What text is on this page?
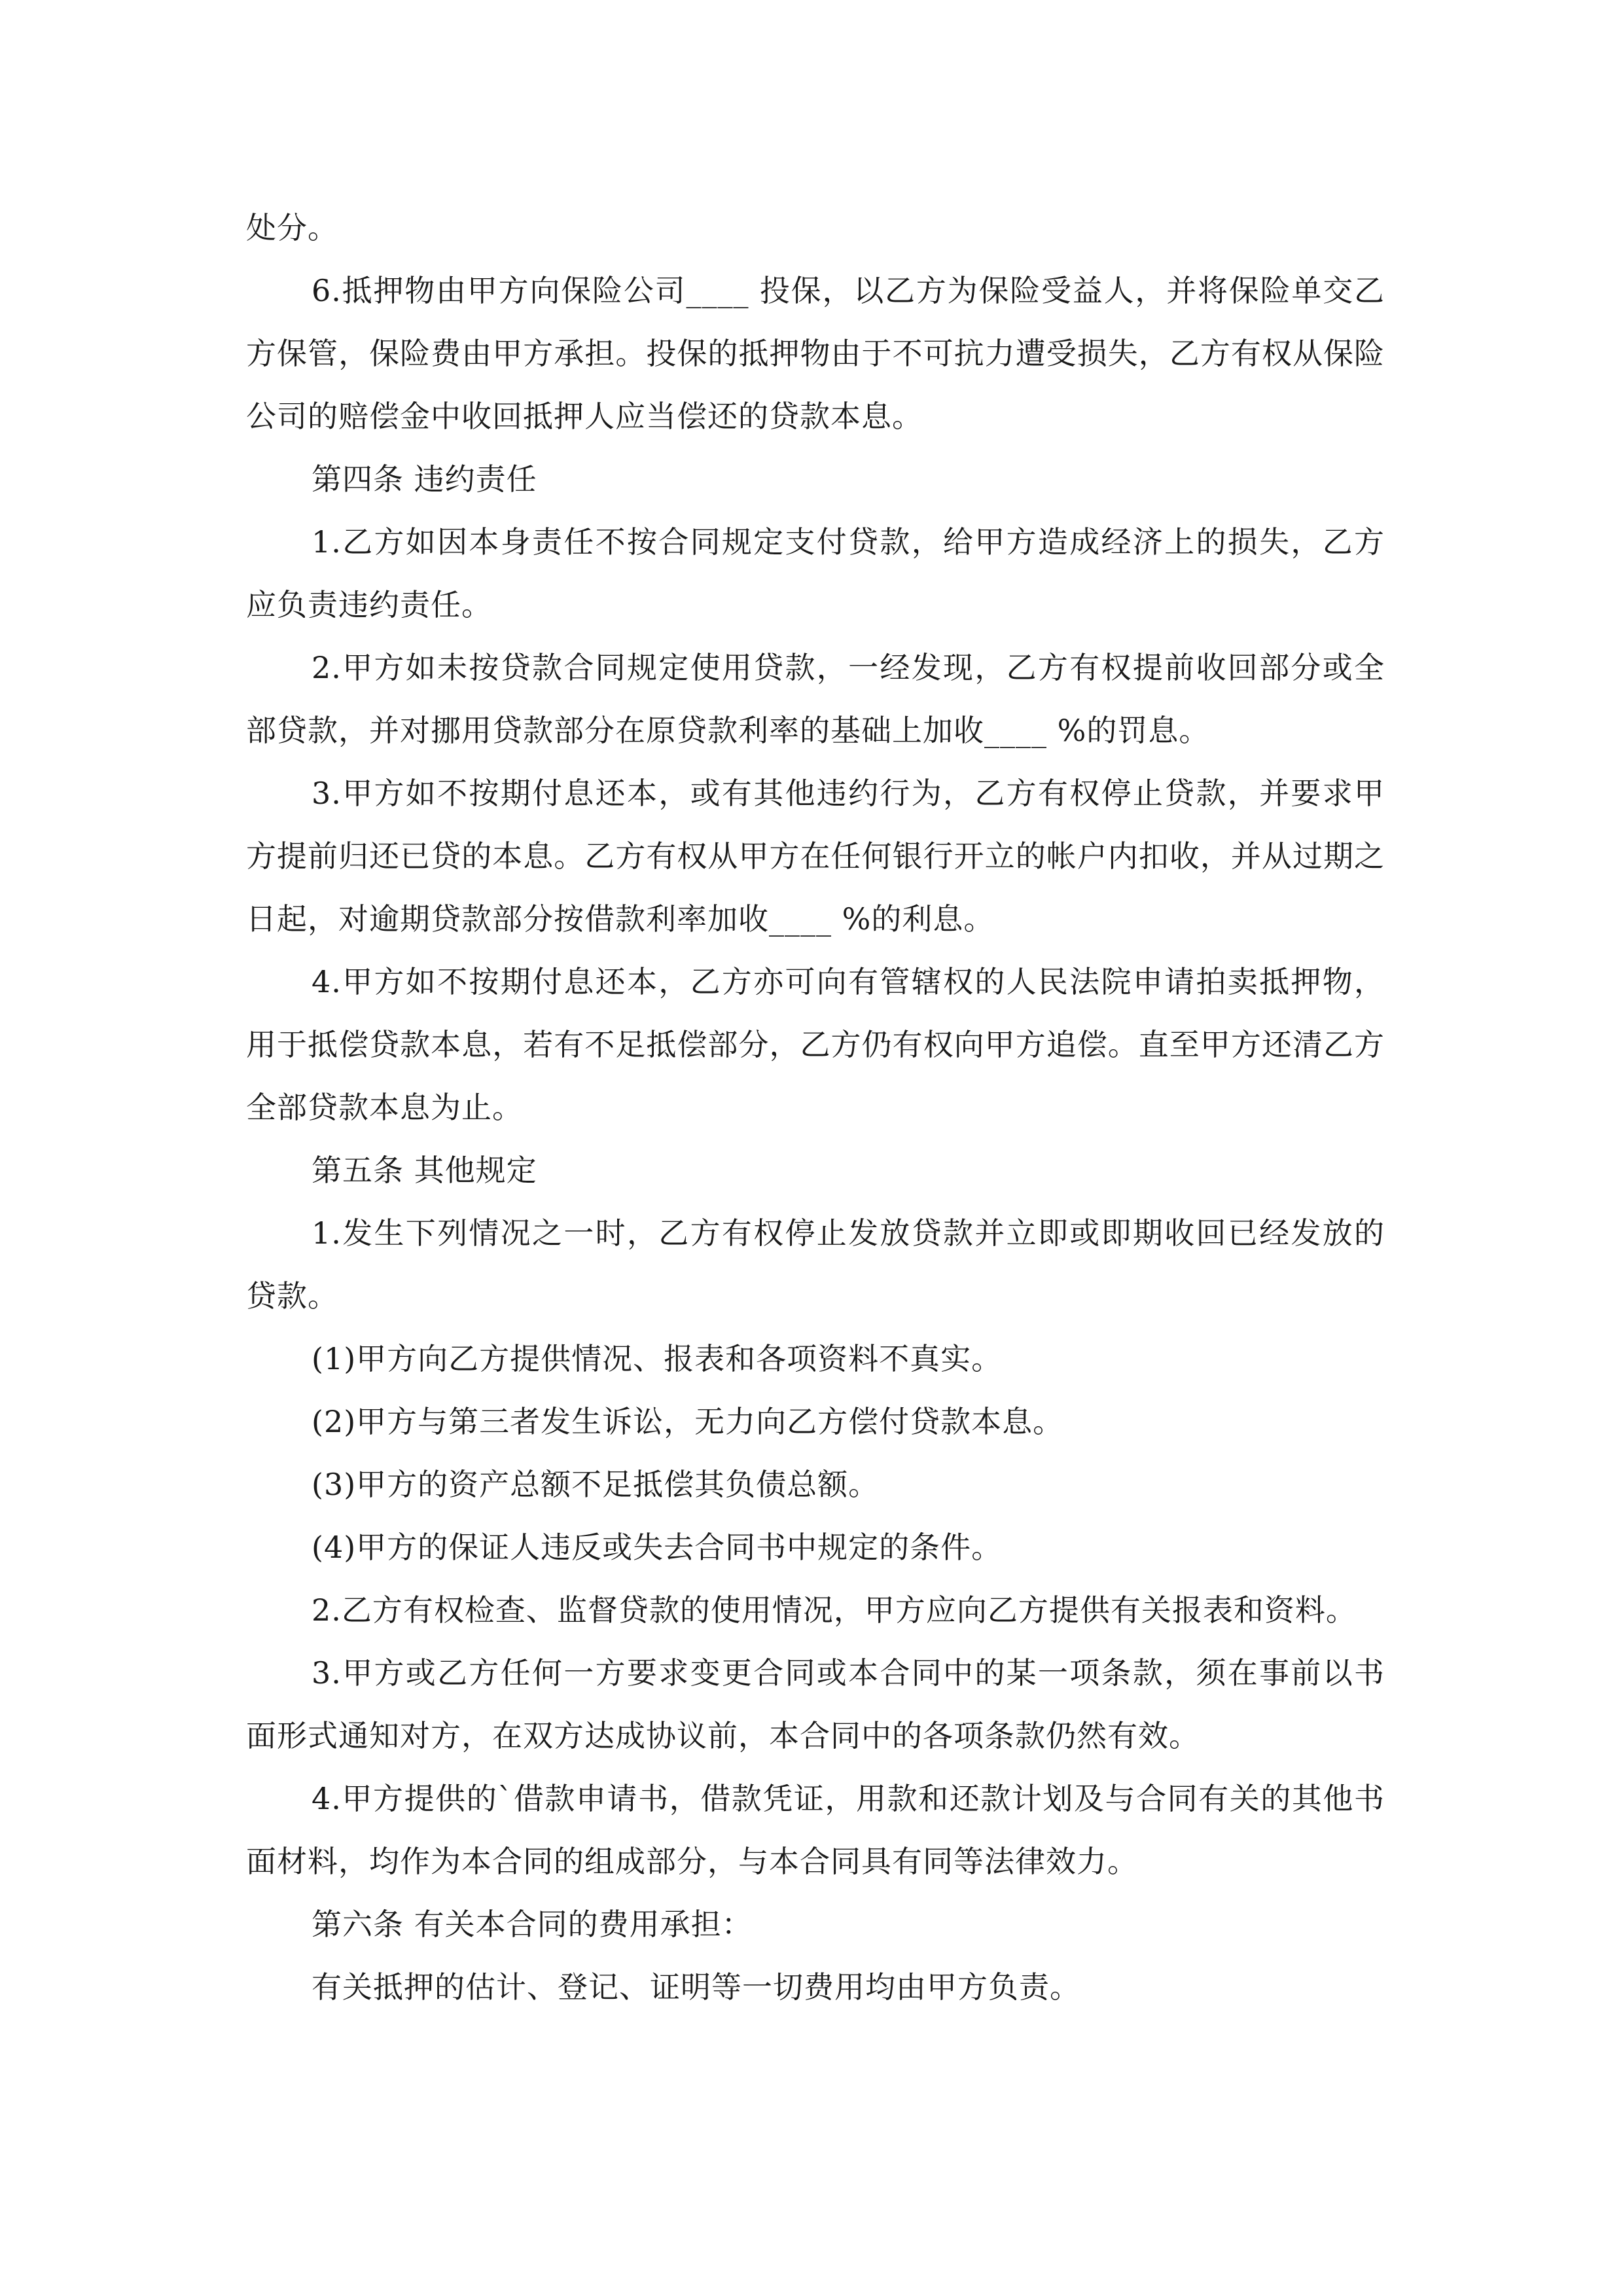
处分。

6.抵押物由甲方向保险公司____ 投保，以乙方为保险受益人，并将保险单交乙方保管，保险费由甲方承担。投保的抵押物由于不可抗力遭受损失，乙方有权从保险公司的赔偿金中收回抵押人应当偿还的贷款本息。

第四条 违约责任

1.乙方如因本身责任不按合同规定支付贷款，给甲方造成经济上的损失，乙方应负责违约责任。

2.甲方如未按贷款合同规定使用贷款，一经发现，乙方有权提前收回部分或全部贷款，并对挪用贷款部分在原贷款利率的基础上加收____ %的罚息。

3.甲方如不按期付息还本，或有其他违约行为，乙方有权停止贷款，并要求甲方提前归还已贷的本息。乙方有权从甲方在任何银行开立的帐户内扣收，并从过期之日起，对逾期贷款部分按借款利率加收____ %的利息。

4.甲方如不按期付息还本，乙方亦可向有管辖权的人民法院申请拍卖抵押物，用于抵偿贷款本息，若有不足抵偿部分，乙方仍有权向甲方追偿。直至甲方还清乙方全部贷款本息为止。

第五条 其他规定

1.发生下列情况之一时，乙方有权停止发放贷款并立即或即期收回已经发放的贷款。

(1)甲方向乙方提供情况、报表和各项资料不真实。

(2)甲方与第三者发生诉讼，无力向乙方偿付贷款本息。

(3)甲方的资产总额不足抵偿其负债总额。

(4)甲方的保证人违反或失去合同书中规定的条件。

2.乙方有权检查、监督贷款的使用情况，甲方应向乙方提供有关报表和资料。

3.甲方或乙方任何一方要求变更合同或本合同中的某一项条款，须在事前以书面形式通知对方，在双方达成协议前，本合同中的各项条款仍然有效。

4.甲方提供的`借款申请书，借款凭证，用款和还款计划及与合同有关的其他书面材料，均作为本合同的组成部分，与本合同具有同等法律效力。

第六条 有关本合同的费用承担：

有关抵押的估计、登记、证明等一切费用均由甲方负责。
